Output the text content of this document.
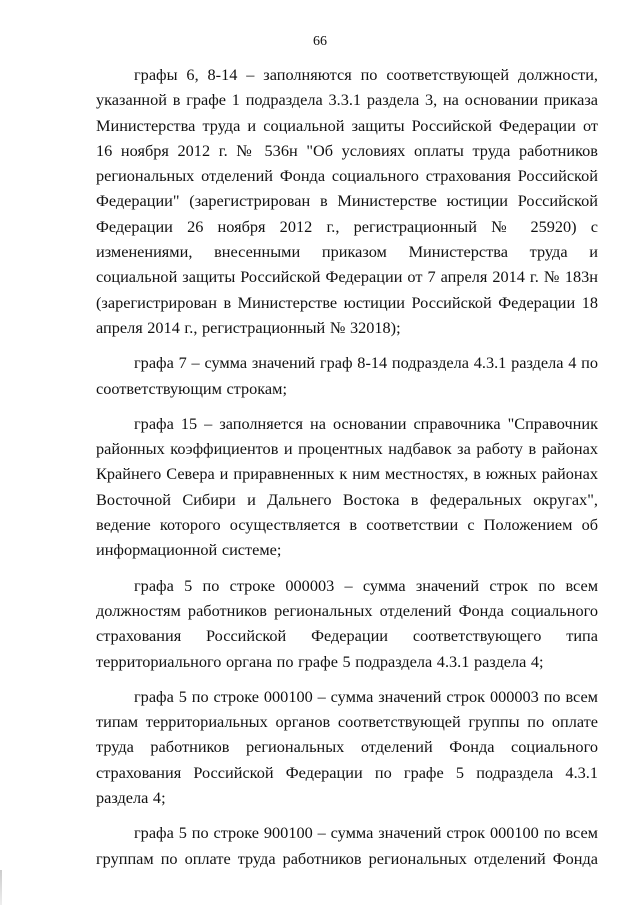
66

графы 6, 8-14 – заполняются по соответствующей должности, указанной в графе 1 подраздела 3.3.1 раздела 3, на основании приказа Министерства труда и социальной защиты Российской Федерации от 16 ноября 2012 г. № 536н "Об условиях оплаты труда работников региональных отделений Фонда социального страхования Российской Федерации" (зарегистрирован в Министерстве юстиции Российской Федерации 26 ноября 2012 г., регистрационный № 25920) с изменениями, внесенными приказом Министерства труда и социальной защиты Российской Федерации от 7 апреля 2014 г. № 183н (зарегистрирован в Министерстве юстиции Российской Федерации 18 апреля 2014 г., регистрационный № 32018);

графа 7 – сумма значений граф 8-14 подраздела 4.3.1 раздела 4 по соответствующим строкам;

графа 15 – заполняется на основании справочника "Справочник районных коэффициентов и процентных надбавок за работу в районах Крайнего Севера и приравненных к ним местностях, в южных районах Восточной Сибири и Дальнего Востока в федеральных округах", ведение которого осуществляется в соответствии с Положением об информационной системе;

графа 5 по строке 000003 – сумма значений строк по всем должностям работников региональных отделений Фонда социального страхования Российской Федерации соответствующего типа территориального органа по графе 5 подраздела 4.3.1 раздела 4;

графа 5 по строке 000100 – сумма значений строк 000003 по всем типам территориальных органов соответствующей группы по оплате труда работников региональных отделений Фонда социального страхования Российской Федерации по графе 5 подраздела 4.3.1 раздела 4;

графа 5 по строке 900100 – сумма значений строк 000100 по всем группам по оплате труда работников региональных отделений Фонда
